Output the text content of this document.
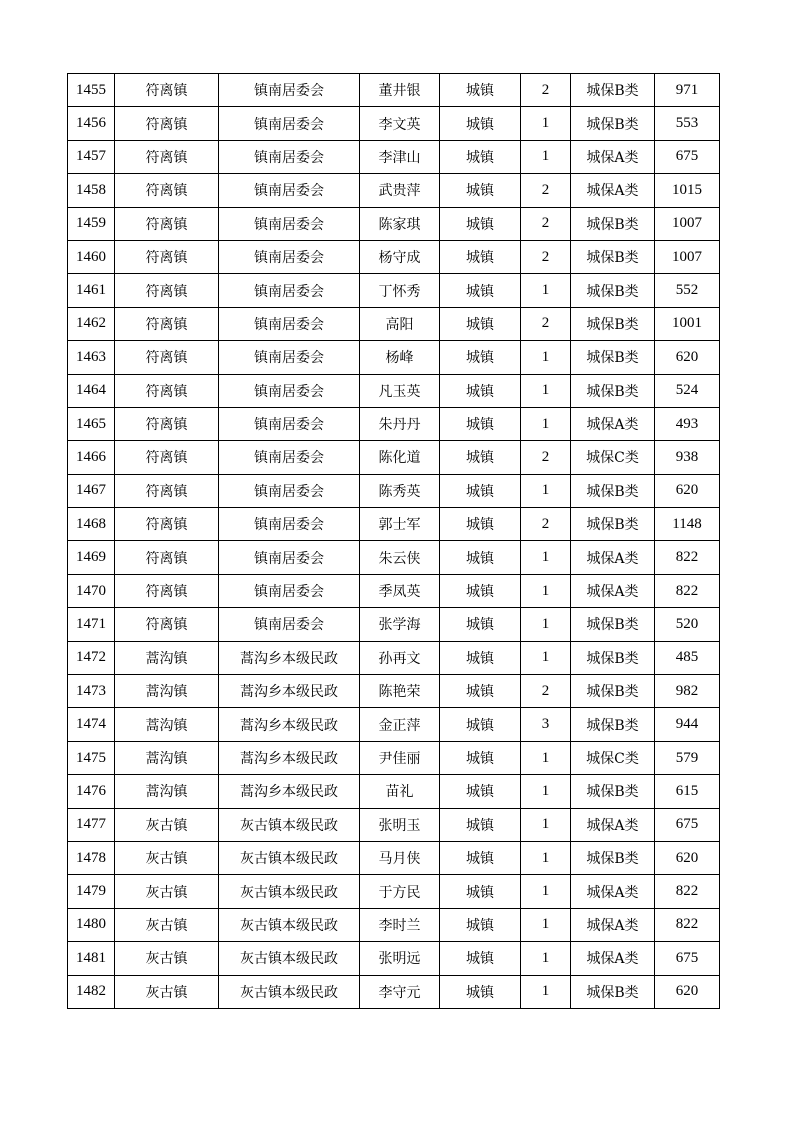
1455	符离镇	镇南居委会	董井银	城镇	2	城保B类	971
1456	符离镇	镇南居委会	李文英	城镇	1	城保B类	553
1457	符离镇	镇南居委会	李津山	城镇	1	城保A类	675
1458	符离镇	镇南居委会	武贵萍	城镇	2	城保A类	1015
1459	符离镇	镇南居委会	陈家琪	城镇	2	城保B类	1007
1460	符离镇	镇南居委会	杨守成	城镇	2	城保B类	1007
1461	符离镇	镇南居委会	丁怀秀	城镇	1	城保B类	552
1462	符离镇	镇南居委会	高阳	城镇	2	城保B类	1001
1463	符离镇	镇南居委会	杨峰	城镇	1	城保B类	620
1464	符离镇	镇南居委会	凡玉英	城镇	1	城保B类	524
1465	符离镇	镇南居委会	朱丹丹	城镇	1	城保A类	493
1466	符离镇	镇南居委会	陈化道	城镇	2	城保C类	938
1467	符离镇	镇南居委会	陈秀英	城镇	1	城保B类	620
1468	符离镇	镇南居委会	郭士军	城镇	2	城保B类	1148
1469	符离镇	镇南居委会	朱云侠	城镇	1	城保A类	822
1470	符离镇	镇南居委会	季凤英	城镇	1	城保A类	822
1471	符离镇	镇南居委会	张学海	城镇	1	城保B类	520
1472	蒿沟镇	蒿沟乡本级民政	孙再文	城镇	1	城保B类	485
1473	蒿沟镇	蒿沟乡本级民政	陈艳荣	城镇	2	城保B类	982
1474	蒿沟镇	蒿沟乡本级民政	金正萍	城镇	3	城保B类	944
1475	蒿沟镇	蒿沟乡本级民政	尹佳丽	城镇	1	城保C类	579
1476	蒿沟镇	蒿沟乡本级民政	苗礼	城镇	1	城保B类	615
1477	灰古镇	灰古镇本级民政	张明玉	城镇	1	城保A类	675
1478	灰古镇	灰古镇本级民政	马月侠	城镇	1	城保B类	620
1479	灰古镇	灰古镇本级民政	于方民	城镇	1	城保A类	822
1480	灰古镇	灰古镇本级民政	李时兰	城镇	1	城保A类	822
1481	灰古镇	灰古镇本级民政	张明远	城镇	1	城保A类	675
1482	灰古镇	灰古镇本级民政	李守元	城镇	1	城保B类	620
